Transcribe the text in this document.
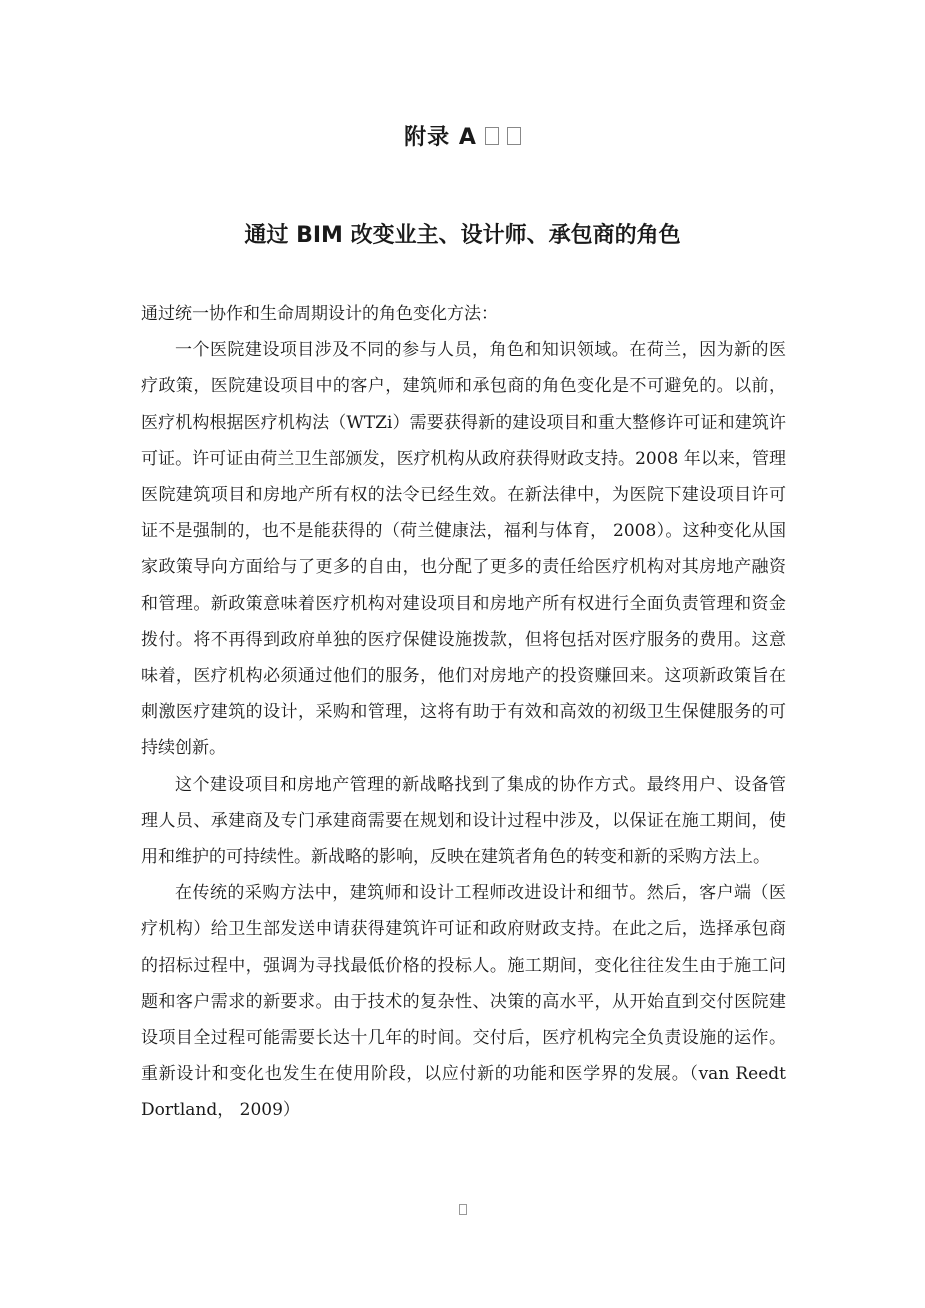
附录 A
通过 BIM 改变业主、设计师、承包商的角色

通过统一协作和生命周期设计的角色变化方法：

一个医院建设项目涉及不同的参与人员，角色和知识领域。在荷兰，因为新的医疗政策，医院建设项目中的客户，建筑师和承包商的角色变化是不可避免的。以前，医疗机构根据医疗机构法（WTZi）需要获得新的建设项目和重大整修许可证和建筑许可证。许可证由荷兰卫生部颁发，医疗机构从政府获得财政支持。2008 年以来，管理医院建筑项目和房地产所有权的法令已经生效。在新法律中，为医院下建设项目许可证不是强制的，也不是能获得的（荷兰健康法，福利与体育， 2008）。这种变化从国家政策导向方面给与了更多的自由，也分配了更多的责任给医疗机构对其房地产融资和管理。新政策意味着医疗机构对建设项目和房地产所有权进行全面负责管理和资金拨付。将不再得到政府单独的医疗保健设施拨款，但将包括对医疗服务的费用。这意味着，医疗机构必须通过他们的服务，他们对房地产的投资赚回来。这项新政策旨在刺激医疗建筑的设计，采购和管理，这将有助于有效和高效的初级卫生保健服务的可持续创新。

这个建设项目和房地产管理的新战略找到了集成的协作方式。最终用户、设备管理人员、承建商及专门承建商需要在规划和设计过程中涉及，以保证在施工期间，使用和维护的可持续性。新战略的影响，反映在建筑者角色的转变和新的采购方法上。

在传统的采购方法中，建筑师和设计工程师改进设计和细节。然后，客户端（医疗机构）给卫生部发送申请获得建筑许可证和政府财政支持。在此之后，选择承包商的招标过程中，强调为寻找最低价格的投标人。施工期间，变化往往发生由于施工问题和客户需求的新要求。由于技术的复杂性、决策的高水平，从开始直到交付医院建设项目全过程可能需要长达十几年的时间。交付后，医疗机构完全负责设施的运作。重新设计和变化也发生在使用阶段，以应付新的功能和医学界的发展。（van Reedt Dortland， 2009）
